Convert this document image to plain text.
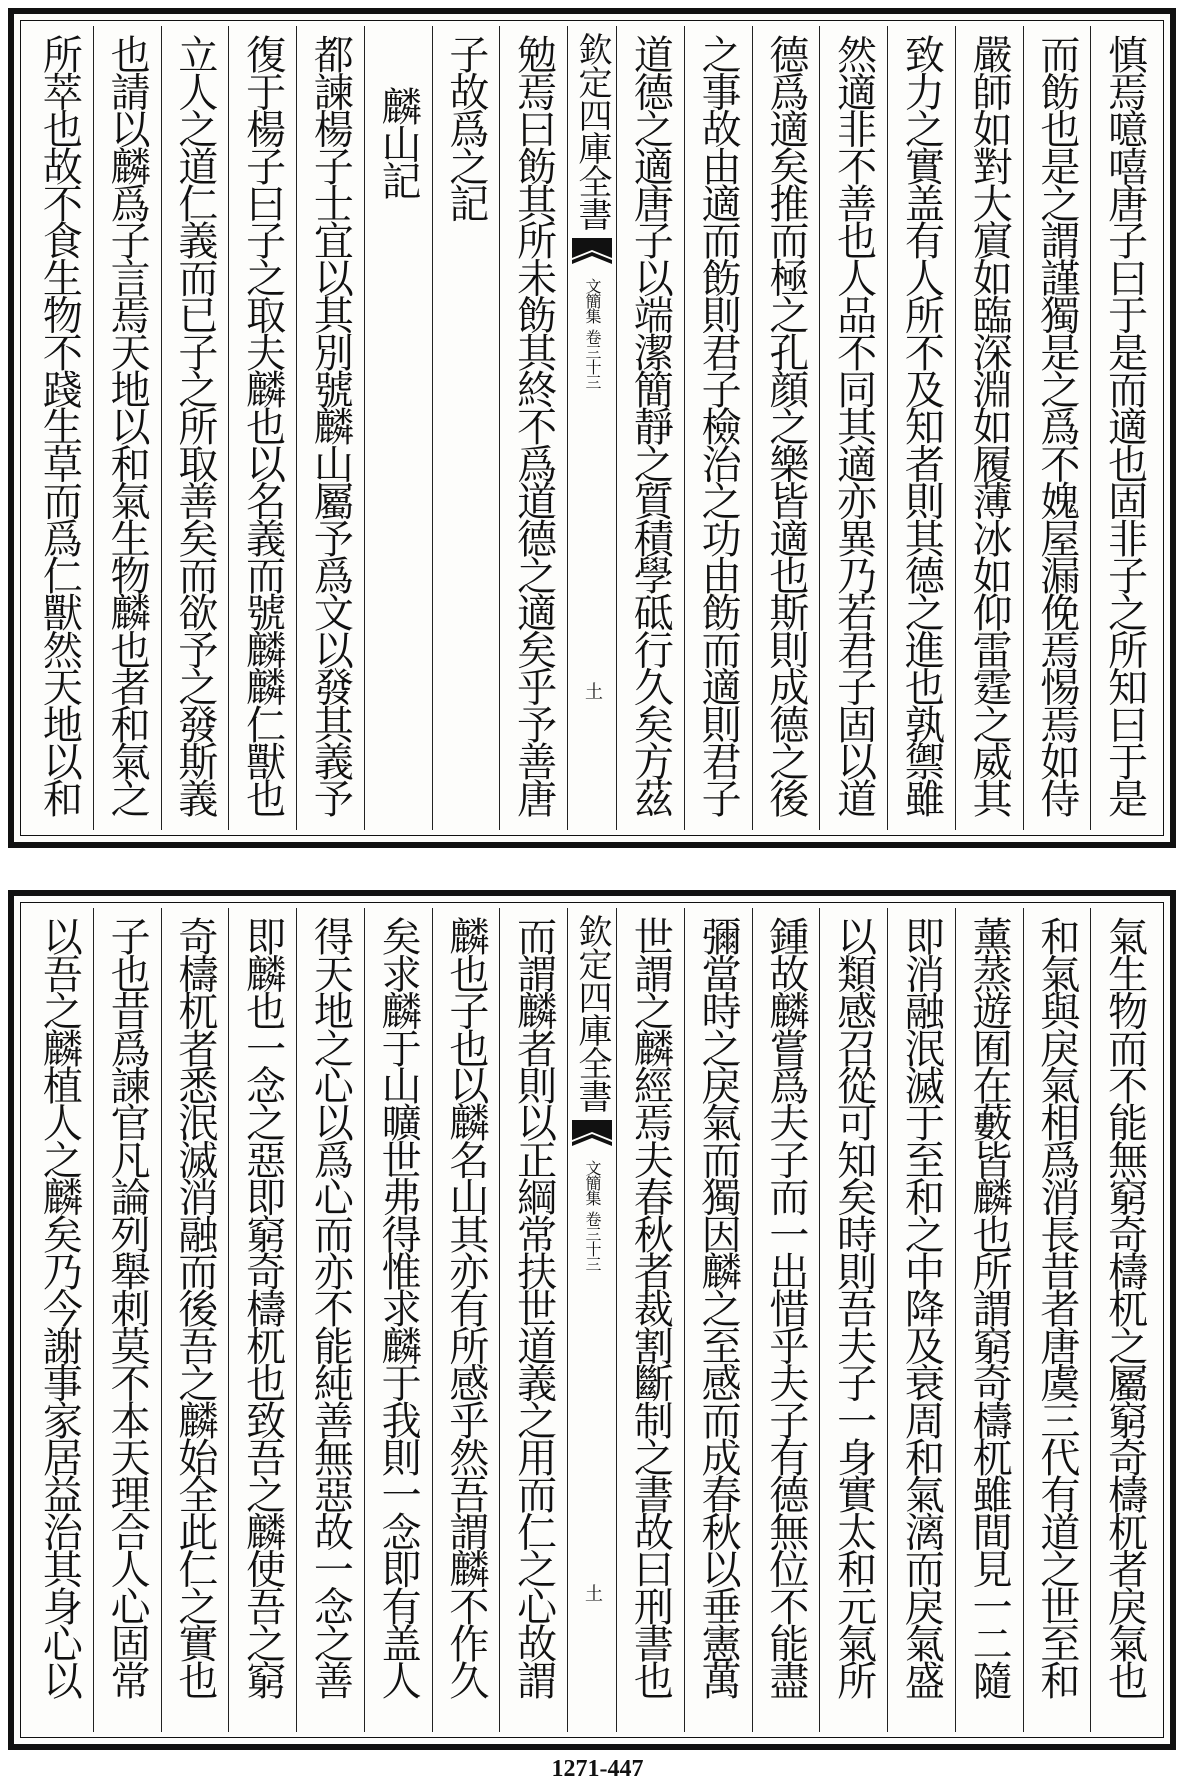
慎焉噫嘻唐子曰于是而適也固非子之所知曰于是
而飭也是之謂謹獨是之爲不媿屋漏俛焉惕焉如侍
嚴師如對大賔如臨深淵如履薄冰如仰雷霆之威其
致力之實盖有人所不及知者則其德之進也孰禦雖
然適非不善也人品不同其適亦異乃若君子固以道
德爲適矣推而極之孔顔之樂皆適也斯則成德之後
之事故由適而飭則君子檢治之功由飭而適則君子
道德之適唐子以端潔簡靜之質積學砥行久矣方茲
欽定四庫全書
文簡集
卷三十三
土
勉焉曰飭其所未飭其終不爲道德之適矣乎予善唐
子故爲之記
麟山記
都諫楊子士宜以其別號麟山屬予爲文以發其義予
復于楊子曰子之取夫麟也以名義而號麟麟仁獸也
立人之道仁義而已子之所取善矣而欲予之發斯義
也請以麟爲子言焉天地以和氣生物麟也者和氣之
所萃也故不食生物不踐生草而爲仁獸然天地以和
氣生物而不能無窮奇檮杌之屬窮奇檮杌者戾氣也
和氣與戾氣相爲消長昔者唐虞三代有道之世至和
薰蒸遊囿在藪皆麟也所謂窮奇檮杌雖間見一二隨
即消融泯滅于至和之中降及衰周和氣漓而戾氣盛
以類感召從可知矣時則吾夫子一身實太和元氣所
鍾故麟嘗爲夫子而一出惜乎夫子有德無位不能盡
彌當時之戾氣而獨因麟之至感而成春秋以垂憲萬
世謂之麟經焉夫春秋者裁割斷制之書故曰刑書也
欽定四庫全書
文簡集
卷三十三
土
而謂麟者則以正綱常扶世道義之用而仁之心故謂
麟也子也以麟名山其亦有所感乎然吾謂麟不作久
矣求麟于山曠世弗得惟求麟于我則一念即有盖人
得天地之心以爲心而亦不能純善無惡故一念之善
即麟也一念之惡即窮奇檮杌也致吾之麟使吾之窮
奇檮杌者悉泯滅消融而後吾之麟始全此仁之實也
子也昔爲諫官凡論列舉刺莫不本天理合人心固常
以吾之麟植人之麟矣乃今謝事家居益治其身心以
1271-447
